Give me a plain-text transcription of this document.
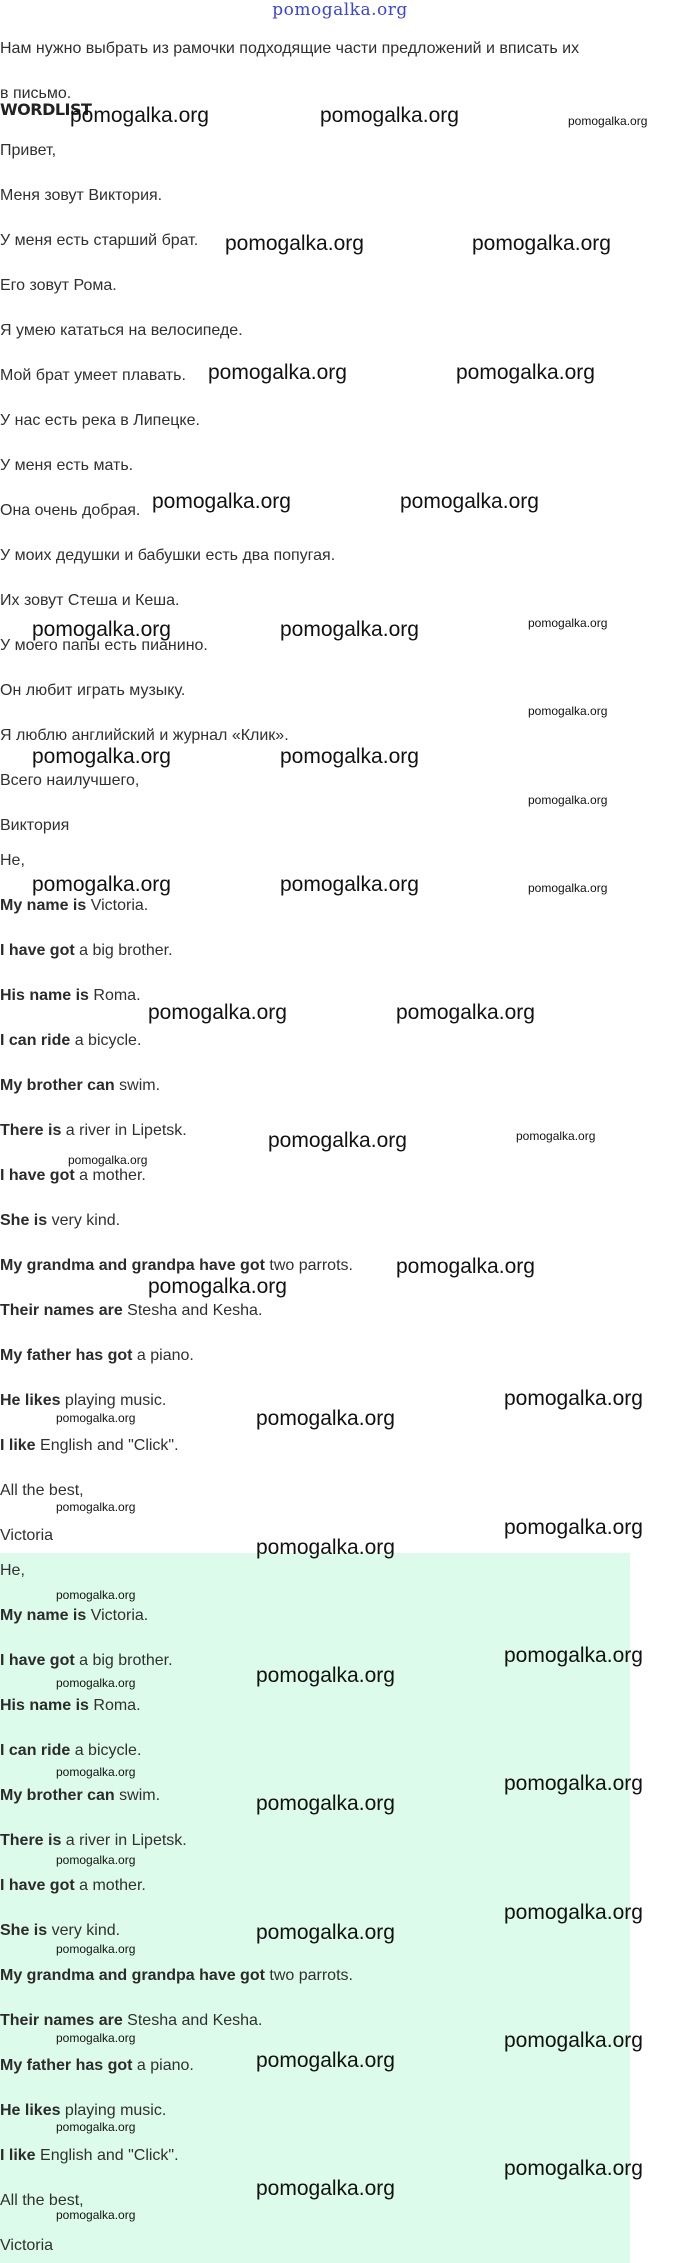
pomogalka.org
Нам нужно выбрать из рамочки подходящие части предложений и вписать их
в письмо.
WORDLIST
Привет,
Меня зовут Виктория.
У меня есть старший брат.
Его зовут Рома.
Я умею кататься на велосипеде.
Мой брат умеет плавать.
У нас есть река в Липецке.
У меня есть мать.
Она очень добрая.
У моих дедушки и бабушки есть два попугая.
Их зовут Стеша и Кеша.
У моего папы есть пианино.
Он любит играть музыку.
Я люблю английский и журнал «Клик».
Всего наилучшего,
Виктория
He,
My name is Victoria.
I have got a big brother.
His name is Roma.
I can ride a bicycle.
My brother can swim.
There is a river in Lipetsk.
I have got a mother.
She is very kind.
My grandma and grandpa have got two parrots.
Their names are Stesha and Kesha.
My father has got a piano.
He likes playing music.
I like English and "Click".
All the best,
Victoria
He,
My name is Victoria.
I have got a big brother.
His name is Roma.
I can ride a bicycle.
My brother can swim.
There is a river in Lipetsk.
I have got a mother.
She is very kind.
My grandma and grandpa have got two parrots.
Their names are Stesha and Kesha.
My father has got a piano.
He likes playing music.
I like English and "Click".
All the best,
Victoria
pomogalka.org	pomogalka.org	pomogalka.org
pomogalka.org	pomogalka.org
pomogalka.org	pomogalka.org
pomogalka.org	pomogalka.org
pomogalka.org	pomogalka.org	pomogalka.org
pomogalka.org
pomogalka.org	pomogalka.org
pomogalka.org
pomogalka.org	pomogalka.org	pomogalka.org
pomogalka.org	pomogalka.org
pomogalka.org	pomogalka.org
pomogalka.org
pomogalka.org
pomogalka.org
pomogalka.org
pomogalka.org
pomogalka.org
pomogalka.org
pomogalka.org
pomogalka.org
pomogalka.org
pomogalka.org
pomogalka.org
pomogalka.org
pomogalka.org
pomogalka.org
pomogalka.org
pomogalka.org
pomogalka.org
pomogalka.org
pomogalka.org
pomogalka.org
pomogalka.org
pomogalka.org
pomogalka.org
pomogalka.org
pomogalka.org
pomogalka.org
